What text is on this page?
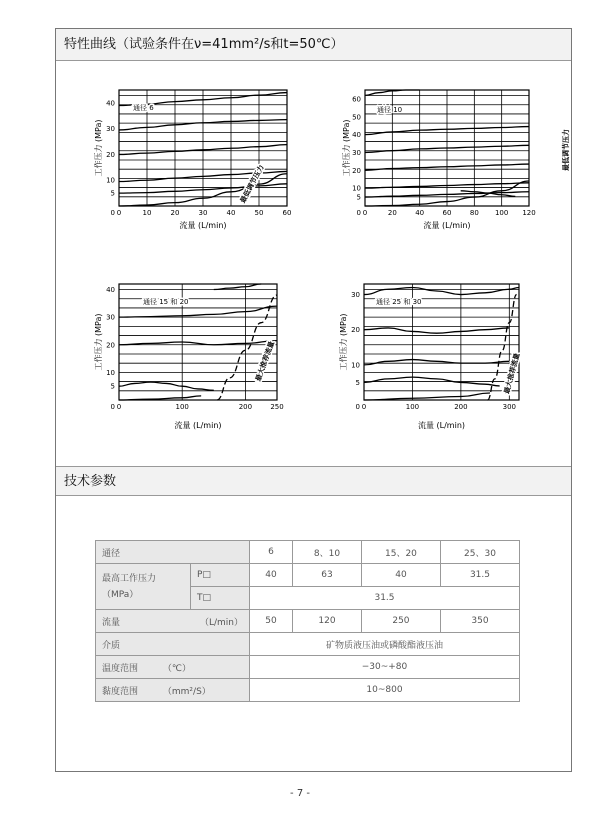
特性曲线（试验条件在ν=41mm²/s和t=50℃）
技术参数
0	10	20	30	40	50	60
5
10
20
30
40
0
通径 6
最低调节压力
流量 (L/min)
工作压力 (MPa)
0	20	40	60	80 100 120
5
10
20
30
40
50
60
0
通径 10
最低调节压力
流量 (L/min)
工作压力 (MPa)
0	100	200	250
5
10
20
30
40
0
通径 15 和 20
最大推荐流量
流量 (L/min)
工作压力 (MPa)
0	100	200	300
5
10
20
30
0
通径 25 和 30
最大推荐流量
流量 (L/min)
工作压力 (MPa)
通径		6	8、10	15、20	25、30
最高工作压力
（MPa）	P□	40	63	40	31.5
	T□	31.5			
流量 （L/min）		50	120	250	350
介质		矿物质液压油或磷酸酯液压油			
温度范围 （℃）		−30~+80			
黏度范围 （mm²/S）		10~800			
- 7 -
